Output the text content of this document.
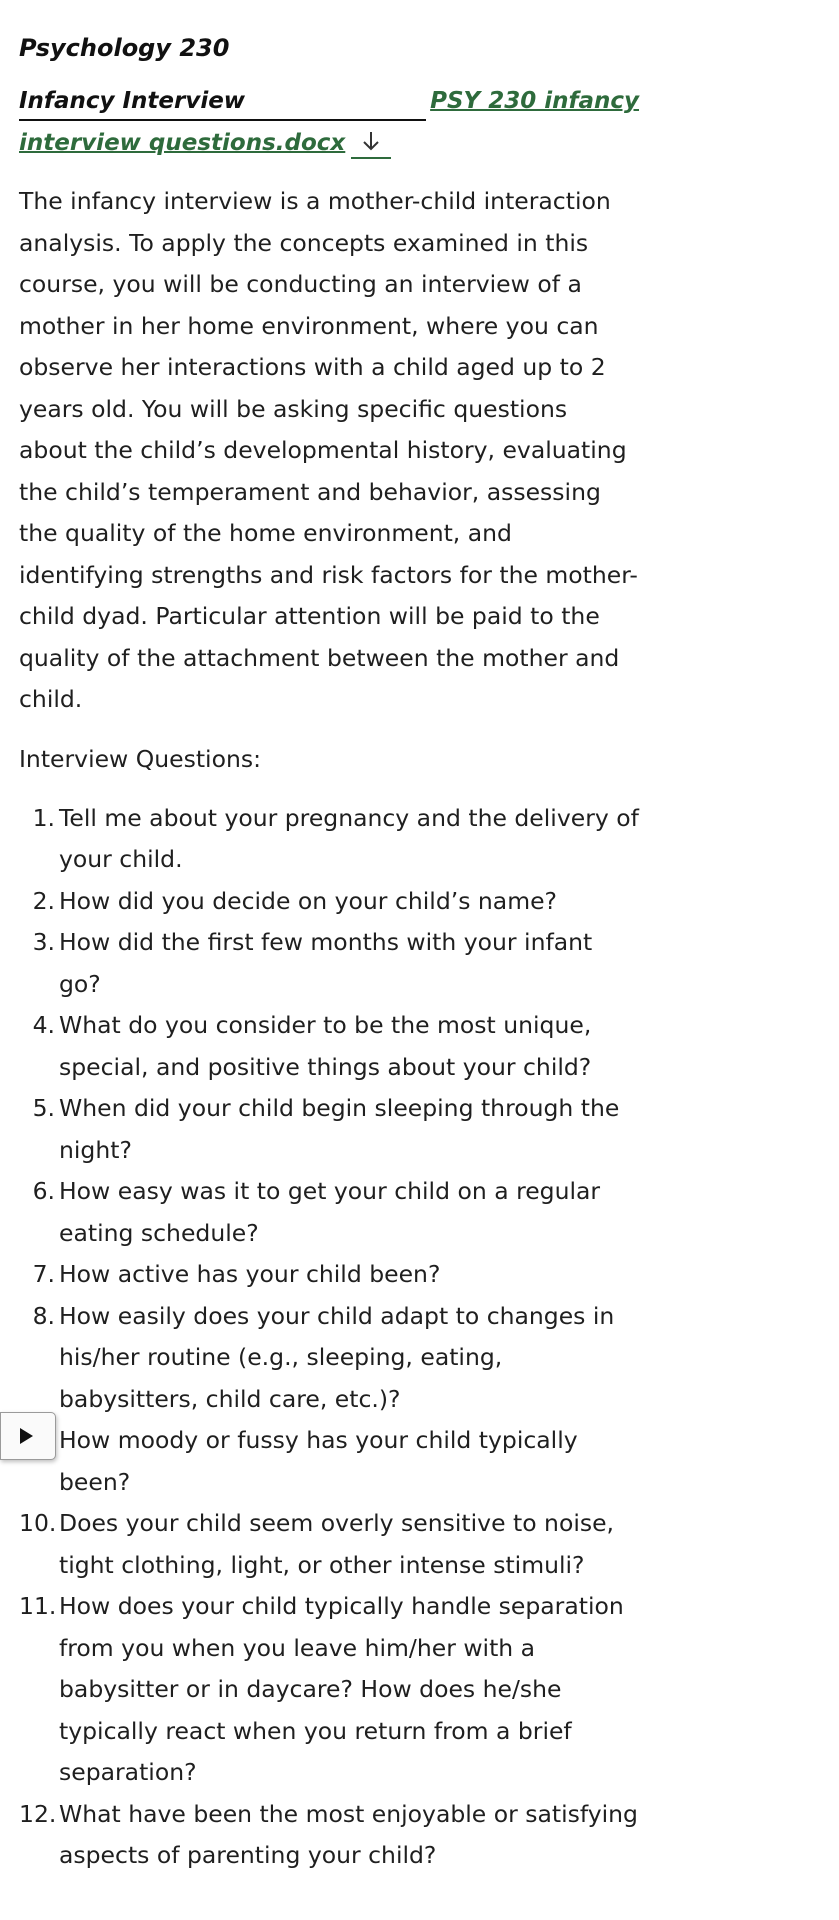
Psychology 230
Infancy Interview	PSY 230 infancy
interview questions.docx

The infancy interview is a mother-child interaction analysis. To apply the concepts examined in this course, you will be conducting an interview of a mother in her home environment, where you can observe her interactions with a child aged up to 2 years old. You will be asking specific questions about the child’s developmental history, evaluating the child’s temperament and behavior, assessing the quality of the home environment, and identifying strengths and risk factors for the mother-child dyad. Particular attention will be paid to the quality of the attachment between the mother and child.

Interview Questions:
1. Tell me about your pregnancy and the delivery of your child.
2. How did you decide on your child’s name?
3. How did the first few months with your infant go?
4. What do you consider to be the most unique, special, and positive things about your child?
5. When did your child begin sleeping through the night?
6. How easy was it to get your child on a regular eating schedule?
7. How active has your child been?
8. How easily does your child adapt to changes in his/her routine (e.g., sleeping, eating, babysitters, child care, etc.)?
How moody or fussy has your child typically been?
10. Does your child seem overly sensitive to noise, tight clothing, light, or other intense stimuli?
11. How does your child typically handle separation from you when you leave him/her with a babysitter or in daycare? How does he/she typically react when you return from a brief separation?
12. What have been the most enjoyable or satisfying aspects of parenting your child?
